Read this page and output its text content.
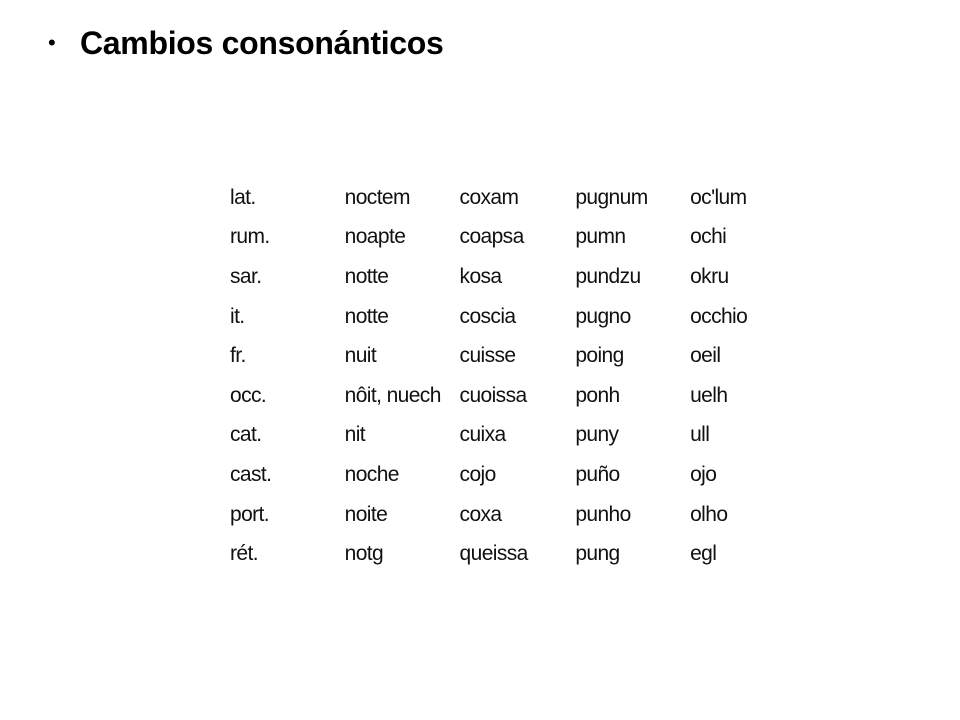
• Cambios consonánticos
lat.	noctem	coxam	pugnum	oc'lum
rum.	noapte	coapsa	pumn	ochi
sar.	notte	kosa	pundzu	okru
it.	notte	coscia	pugno	occhio
fr.	nuit	cuisse	poing	oeil
occ.	nôit, nuech	cuoissa	ponh	uelh
cat.	nit	cuixa	puny	ull
cast.	noche	cojo	puño	ojo
port.	noite	coxa	punho	olho
rét.	notg	queissa	pung	egl
